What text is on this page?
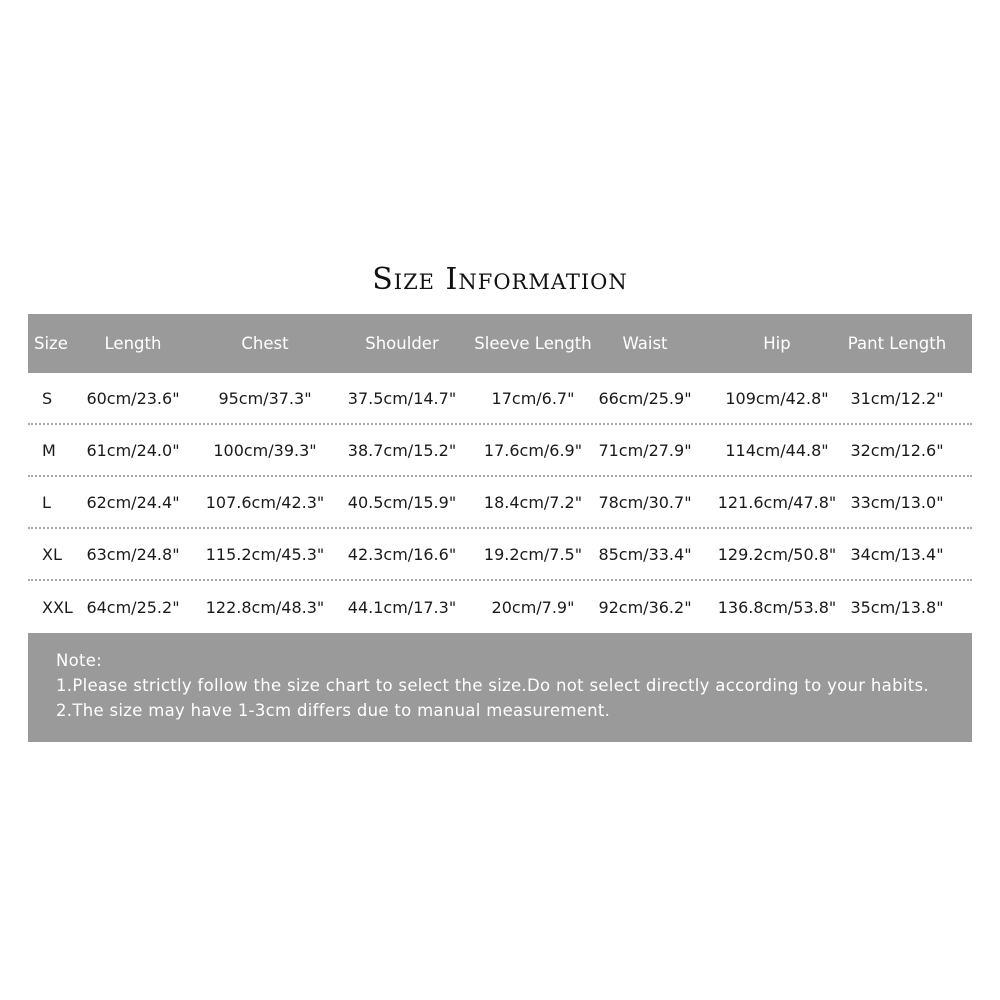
Size Information
Size	Length	Chest	Shoulder	Sleeve Length	Waist	Hip	Pant Length
S	60cm/23.6"	95cm/37.3"	37.5cm/14.7"	17cm/6.7"	66cm/25.9"	109cm/42.8"	31cm/12.2"
M	61cm/24.0"	100cm/39.3"	38.7cm/15.2"	17.6cm/6.9"	71cm/27.9"	114cm/44.8"	32cm/12.6"
L	62cm/24.4"	107.6cm/42.3"	40.5cm/15.9"	18.4cm/7.2"	78cm/30.7"	121.6cm/47.8" 33cm/13.0"
XL	63cm/24.8"	115.2cm/45.3"	42.3cm/16.6"	19.2cm/7.5"	85cm/33.4"	129.2cm/50.8" 34cm/13.4"
XXL 64cm/25.2"	122.8cm/48.3"	44.1cm/17.3"	20cm/7.9"	92cm/36.2"	136.8cm/53.8" 35cm/13.8"
Note:
1.Please strictly follow the size chart to select the size.Do not select directly according to your habits.
2.The size may have 1-3cm differs due to manual measurement.
